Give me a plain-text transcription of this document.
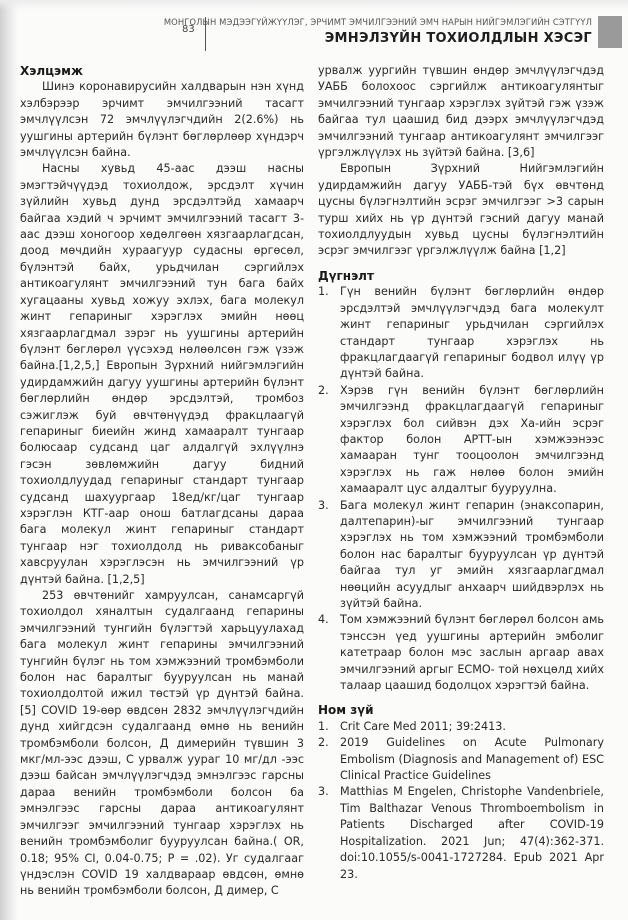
83
МОНГОЛЫН МЭДЭЭГҮЙЖҮҮЛЭГ, ЭРЧИМТ ЭМЧИЛГЭЭНИЙ ЭМЧ НАРЫН НИЙГЭМЛЭГИЙН СЭТГҮҮЛ
ЭМНЭЛЗҮЙН ТОХИОЛДЛЫН ХЭСЭГ

Хэлцэмж

Шинэ коронавирусийн халдварын нэн хүнд хэлбэрээр эрчимт эмчилгээний тасагт эмчлүүлсэн 72 эмчлүүлэгчдийн 2(2.6%) нь уушгины артерийн бүлэнт бөглөрлөөр хүндэрч эмчлүүлсэн байна.

Насны хувьд 45-аас дээш насны эмэгтэйчүүдэд тохиолдож, эрсдэлт хүчин зүйлийн хувьд дунд эрсдэлтэйд хамаарч байгаа хэдий ч эрчимт эмчилгээний тасагт 3-аас дээш хоногоор хөдөлгөөн хязгаарлагдсан, доод мөчдийн хураагуур судасны өргөсөл, бүлэнтэй байх, урьдчилан сэргийлэх антикоагулянт эмчилгээний тун бага байх хугацааны хувьд хожуу эхлэх, бага молекул жинт гепариныг хэрэглэх эмийн нөөц хязгаарлагдмал зэрэг нь уушгины артерийн бүлэнт бөглөрөл үүсэхэд нөлөөлсөн гэж үзэж байна.[1,2,5,] Европын Зүрхний нийгэмлэгийн удирдамжийн дагуу уушгины артерийн бүлэнт бөглөрлийн өндөр эрсдэлтэй, тромбоз сэжиглэж буй өвчтөнүүдэд фракцлаагүй гепариныг биеийн жинд хамааралт тунгаар болюсаар судсанд цаг алдалгүй эхлүүлнэ гэсэн зөвлөмжийн дагуу бидний тохиолдлуудад гепариныг стандарт тунгаар судсанд шахуургаар 18ед/кг/цаг тунгаар хэрэглэн КТГ-аар онош батлагдсаны дараа бага молекул жинт гепариныг стандарт тунгаар нэг тохиолдолд нь ривакcобаныг хавсруулан хэрэглэсэн нь эмчилгээний үр дүнтэй байна. [1,2,5]

253 өвчтөнийг хамруулсан, санамсаргүй тохиолдол хяналтын судалгаанд гепарины эмчилгээний тунгийн бүлэгтэй харьцуулахад бага молекул жинт гепарины эмчилгээний тунгийн бүлэг нь том хэмжээний тромбэмболи болон нас баралтыг бууруулсан нь манай тохиолдолтой ижил төстэй үр дүнтэй байна. [5] COVID 19-өөр өвдсөн 2832 эмчлүүлэгчдийн дунд хийгдсэн судалгаанд өмнө нь венийн тромбэмболи болсон, Д димерийн түвшин 3 мкг/мл-ээс дээш, С урвалж уураг 10 мг/дл -ээс дээш байсан эмчлүүлэгчдэд эмнэлгээс гарсны дараа венийн тромбэмболи болсон ба эмнэлгээс гарсны дараа антикоагулянт эмчилгээг эмчилгээний тунгаар хэрэглэх нь венийн тромбэмболиг бууруулсан байна.( OR, 0.18; 95% CI, 0.04-0.75; P = .02). Уг судалгааг үндэслэн COVID 19 халдвараар өвдсөн, өмнө нь венийн тромбэмболи болсон, Д димер, С

урвалж уургийн түвшин өндөр эмчлүүлэгчдэд УАББ болохоос сэргийлж антикоагулянтыг эмчилгээний тунгаар хэрэглэх зүйтэй гэж үзэж байгаа тул цаашид бид дээрх эмчлүүлэгчдэд эмчилгээний тунгаар антикоагулянт эмчилгээг үргэлжлүүлэх нь зүйтэй байна. [3,6]

Европын Зүрхний Нийгэмлэгийн удирдамжийн дагуу УАББ-тэй бүх өвчтөнд цусны бүлэгнэлтийн эсрэг эмчилгээг >3 сарын турш хийх нь үр дүнтэй гэсний дагуу манай тохиолдлуудын хувьд цусны бүлэгнэлтийн эсрэг эмчилгээг үргэлжлүүлж байна [1,2]

Дүгнэлт

1. Гүн венийн бүлэнт бөглөрлийн өндөр эрсдэлтэй эмчлүүлэгчдэд бага молекулт жинт гепариныг урьдчилан сэргийлэх стандарт тунгаар хэрэглэх нь фракцлагдаагүй гепариныг бодвол илүү үр дүнтэй байна.
2. Хэрэв гүн венийн бүлэнт бөглөрлийн эмчилгээнд фракцлагдаагүй гепариныг хэрэглэх бол сийвэн дэх Ха-ийн эсрэг фактор болон АРТТ-ын хэмжээнээс хамааран тунг тооцоолон эмчилгээнд хэрэглэх нь гаж нөлөө болон эмийн хамааралт цус алдалтыг бууруулна.
3. Бага молекул жинт гепарин (энаксопарин, далтепарин)-ыг эмчилгээний тунгаар хэрэглэх нь том хэмжээний тромбэмболи болон нас баралтыг бууруулсан үр дүнтэй байгаа тул уг эмийн хязгаарлагдмал нөөцийн асуудлыг анхаарч шийдвэрлэх нь зүйтэй байна.
4. Том хэмжээний бүлэнт бөглөрөл болсон амь тэнссэн үед уушгины артерийн эмболиг катетраар болон мэс заслын аргаар авах эмчилгээний аргыг ЕСМО- той нөхцөлд хийх талаар цаашид бодолцох хэрэгтэй байна.

Ном зүй

1. Crit Care Med 2011; 39:2413.
2. 2019 Guidelines on Acute Pulmonary Embolism (Diagnosis and Management of) ESC Clinical Practice Guidelines
3. Matthias M Engelen, Christophe Vandenbriele, Tim Balthazar Venous Thromboembolism in Patients Discharged after COVID-19 Hospitalization. 2021 Jun; 47(4):362-371. doi:10.1055/s-0041-1727284. Epub 2021 Apr 23.
